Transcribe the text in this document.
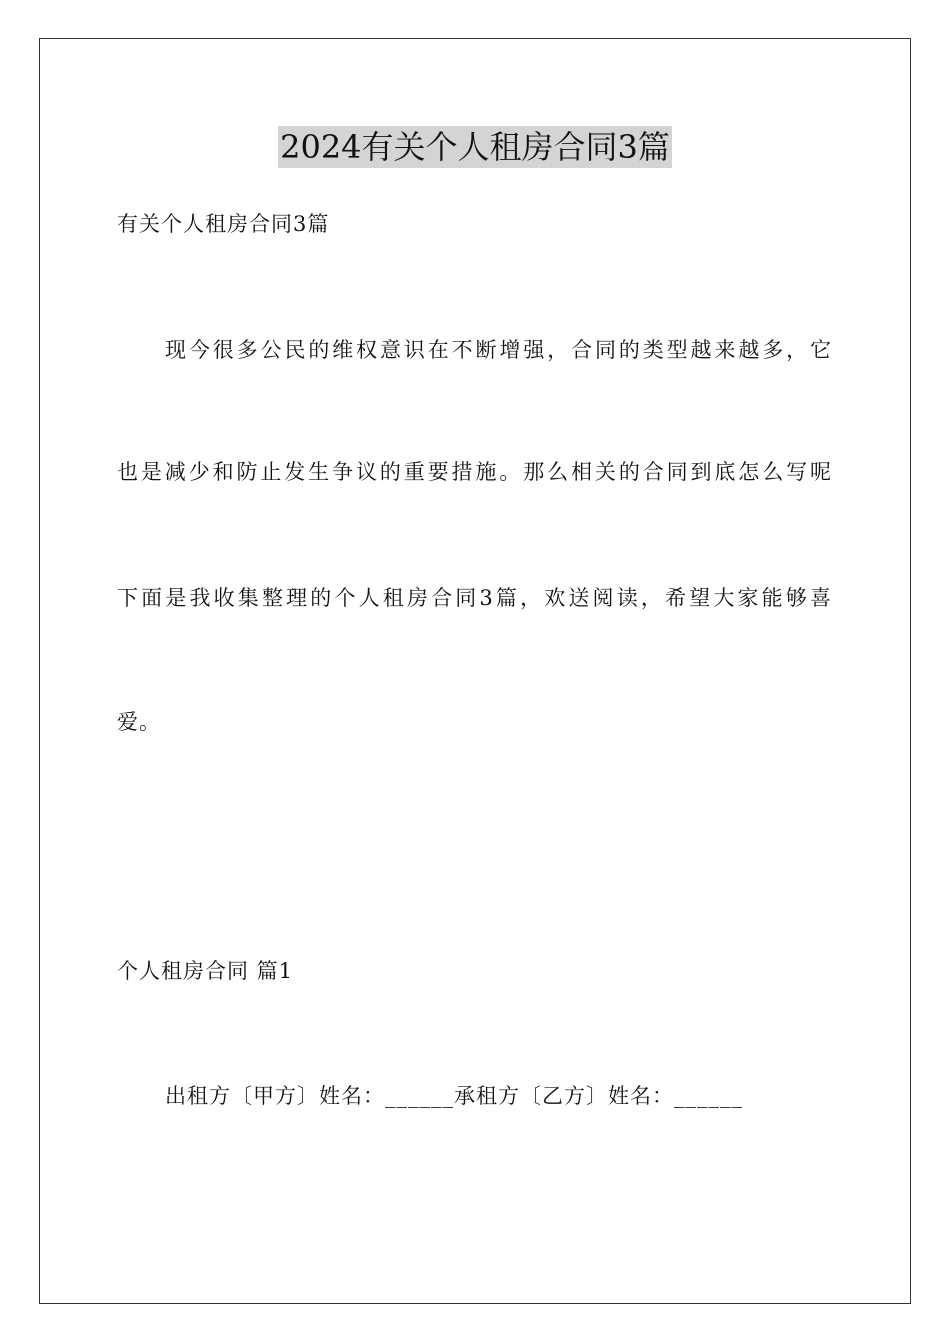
2024有关个人租房合同3篇
有关个人租房合同3篇
现今很多公民的维权意识在不断增强，合同的类型越来越多，它
也是减少和防止发生争议的重要措施。那么相关的合同到底怎么写呢
下面是我收集整理的个人租房合同3篇，欢送阅读，希望大家能够喜
爱。
个人租房合同 篇1
出租方〔甲方〕姓名：______承租方〔乙方〕姓名：______
